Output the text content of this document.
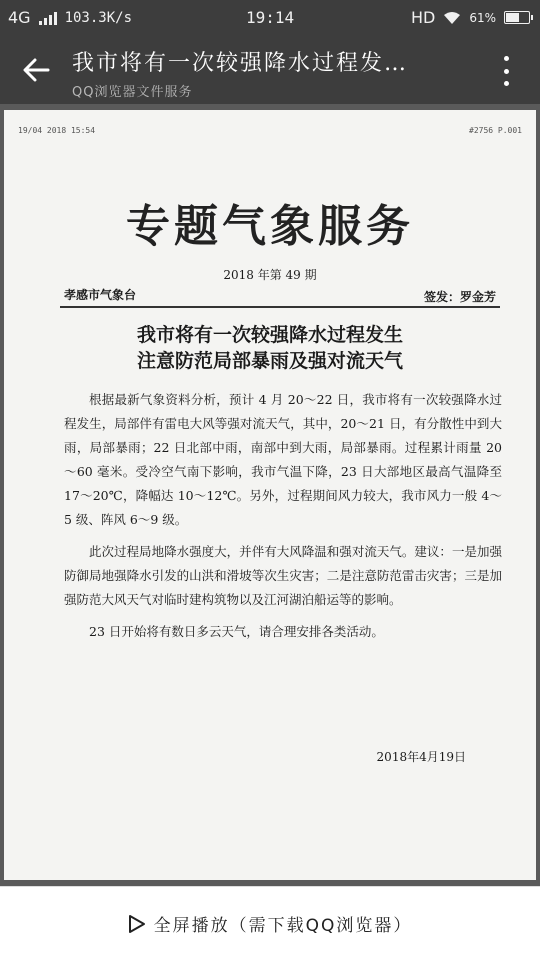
4G 103.3K/s	19:14	HD	61%
我市将有一次较强降水过程发…
QQ浏览器文件服务
19/04 2018 15:54	#2756 P.001
专题气象服务
2018 年第 49 期
孝感市气象台	签发：罗金芳
我市将有一次较强降水过程发生
注意防范局部暴雨及强对流天气

根据最新气象资料分析，预计 4 月 20～22 日，我市将有一次较强降水过程发生，局部伴有雷电大风等强对流天气，其中，20～21 日，有分散性中到大雨，局部暴雨；22 日北部中雨，南部中到大雨，局部暴雨。过程累计雨量 20～60 毫米。受冷空气南下影响，我市气温下降，23 日大部地区最高气温降至 17～20℃，降幅达 10～12℃。另外，过程期间风力较大，我市风力一般 4～5 级、阵风 6～9 级。

此次过程局地降水强度大，并伴有大风降温和强对流天气。建议：一是加强防御局地强降水引发的山洪和滑坡等次生灾害；二是注意防范雷击灾害；三是加强防范大风天气对临时建构筑物以及江河湖泊船运等的影响。

23 日开始将有数日多云天气，请合理安排各类活动。

2018年4月19日
全屏播放（需下载QQ浏览器）
